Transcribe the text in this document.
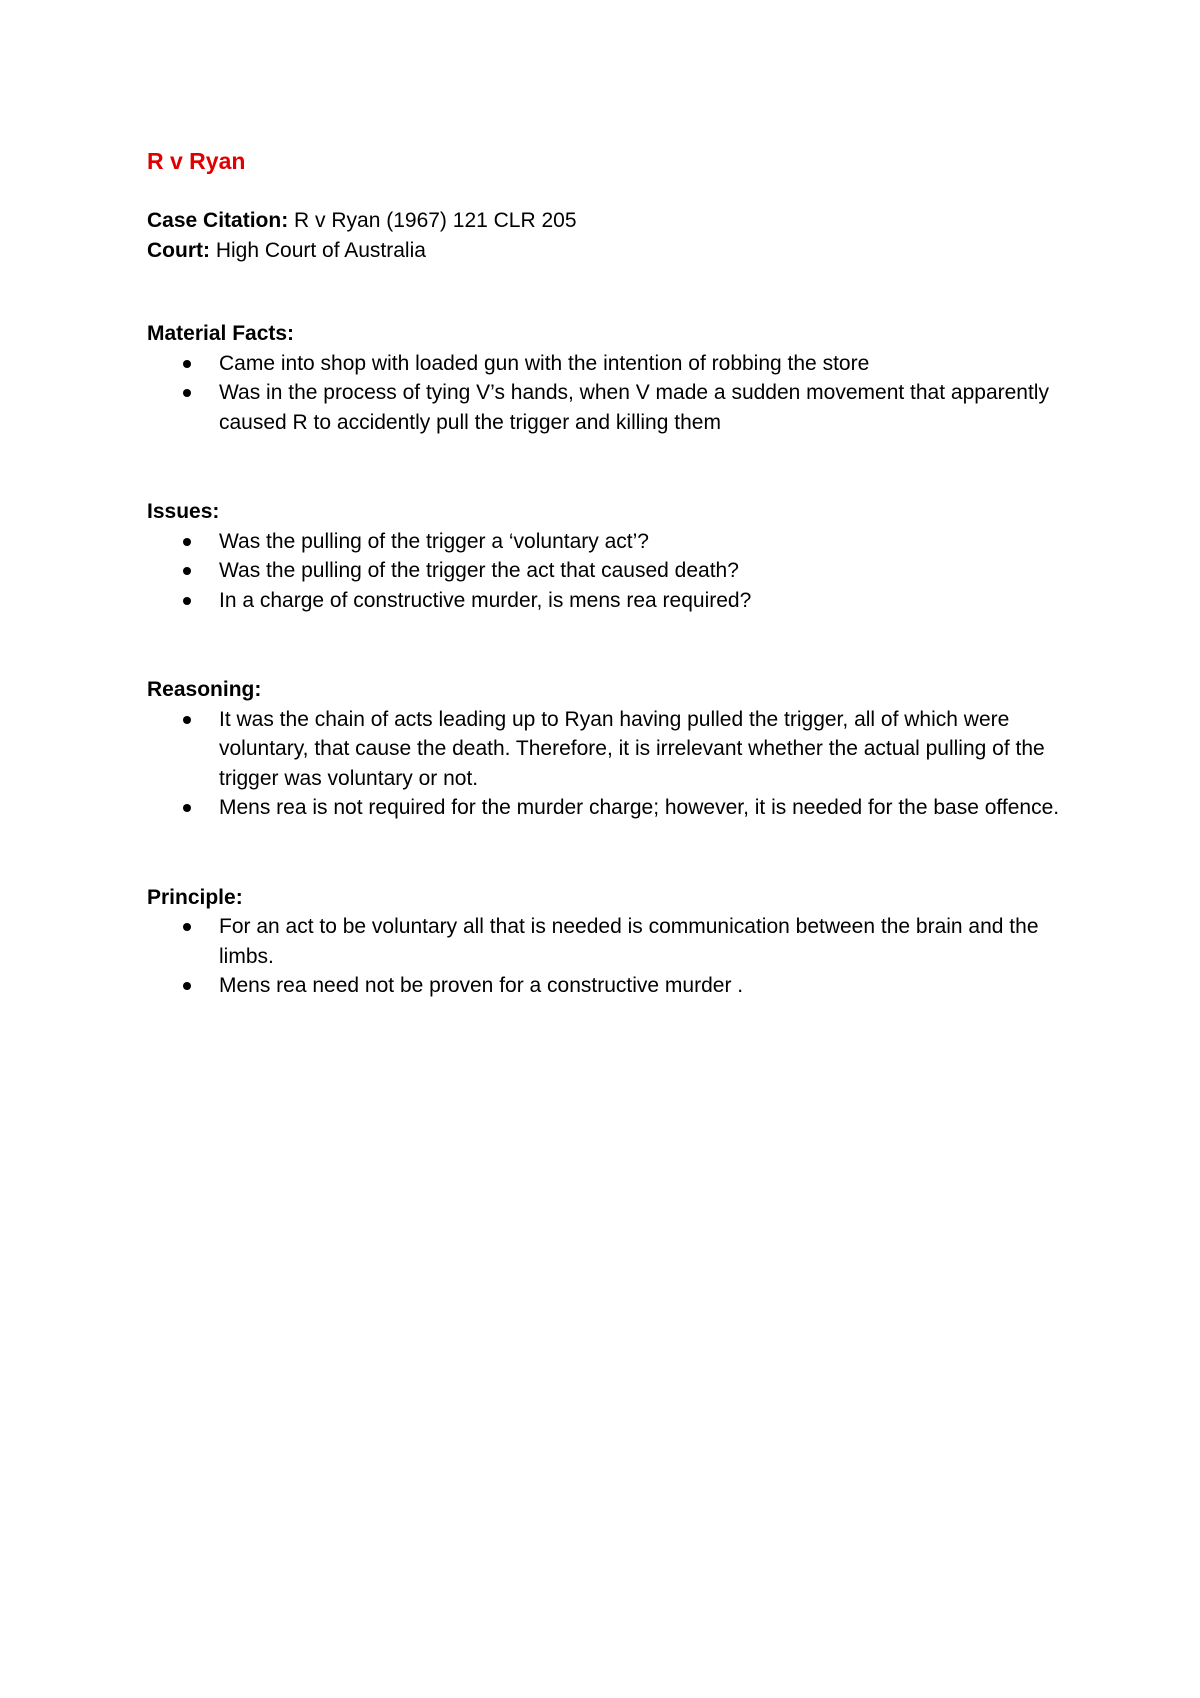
R v Ryan

Case Citation: R v Ryan (1967) 121 CLR 205

Court: High Court of Australia

Material Facts:

Came into shop with loaded gun with the intention of robbing the store
Was in the process of tying V’s hands, when V made a sudden movement that apparently caused R to accidently pull the trigger and killing them

Issues:

Was the pulling of the trigger a ‘voluntary act’?
Was the pulling of the trigger the act that caused death?
In a charge of constructive murder, is mens rea required?

Reasoning:

It was the chain of acts leading up to Ryan having pulled the trigger, all of which were voluntary, that cause the death. Therefore, it is irrelevant whether the actual pulling of the trigger was voluntary or not.
Mens rea is not required for the murder charge; however, it is needed for the base offence.

Principle:

For an act to be voluntary all that is needed is communication between the brain and the limbs.
Mens rea need not be proven for a constructive murder .
